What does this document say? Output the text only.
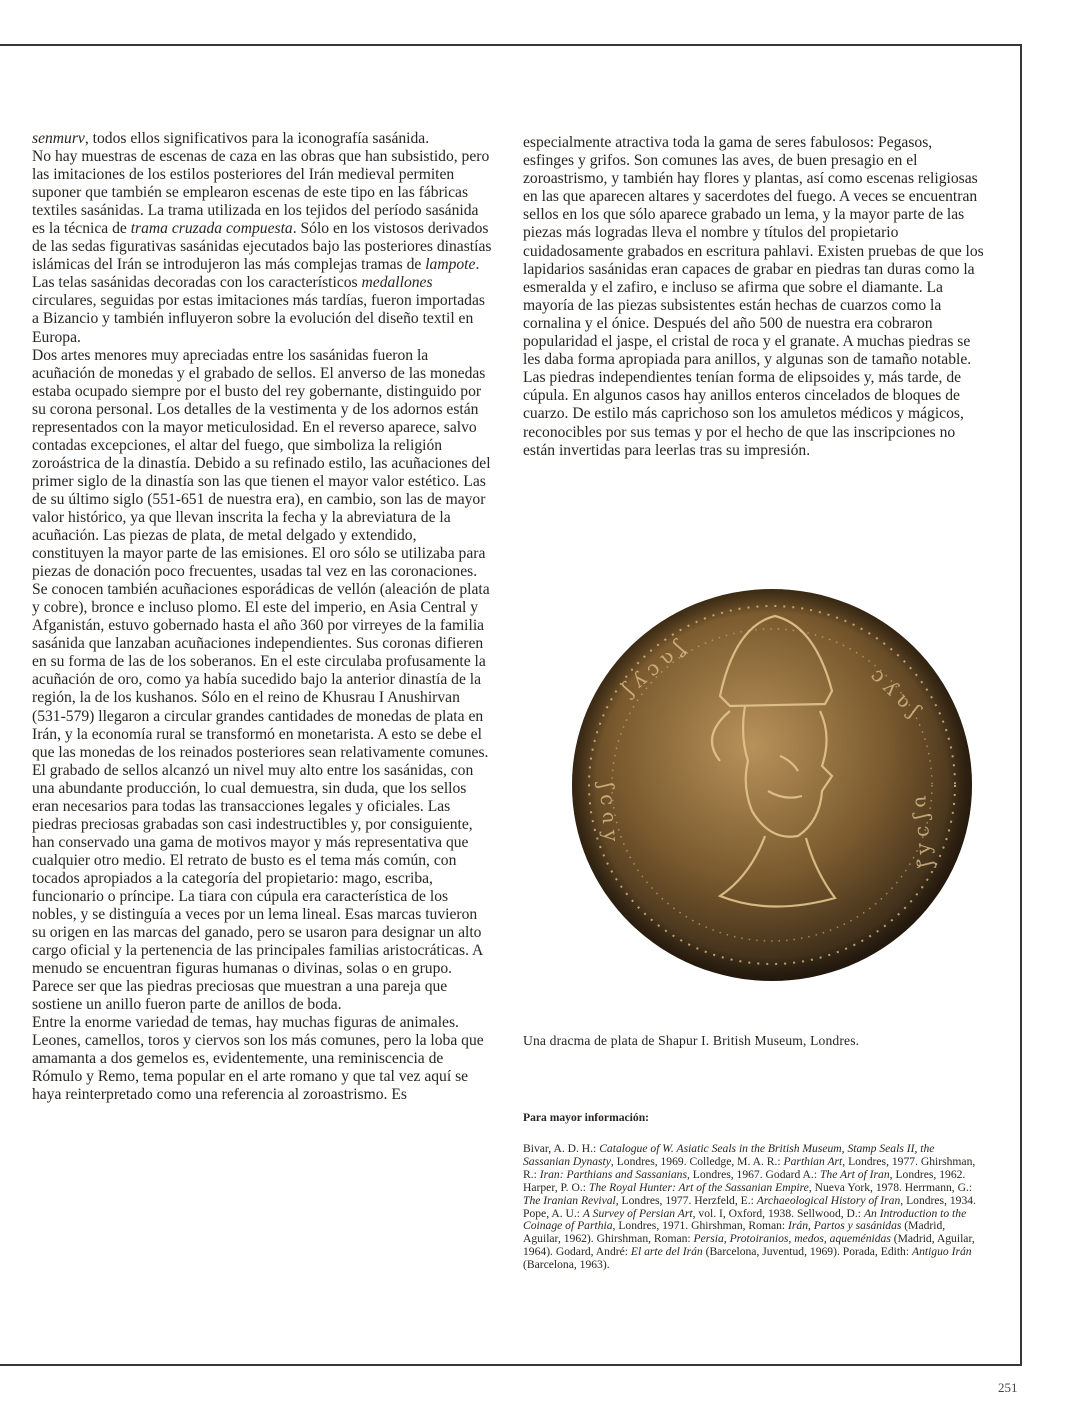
senmurv, todos ellos significativos para la iconografía sasánida.

No hay muestras de escenas de caza en las obras que han subsistido, pero las imitaciones de los estilos posteriores del Irán medieval permiten suponer que también se emplearon escenas de este tipo en las fábricas textiles sasánidas. La trama utilizada en los tejidos del período sasánida es la técnica de trama cruzada compuesta. Sólo en los vistosos derivados de las sedas figurativas sasánidas ejecutados bajo las posteriores dinastías islámicas del Irán se introdujeron las más complejas tramas de lampote. Las telas sasánidas decoradas con los característicos medallones circulares, seguidas por estas imitaciones más tardías, fueron importadas a Bizancio y también influyeron sobre la evolución del diseño textil en Europa.

Dos artes menores muy apreciadas entre los sasánidas fueron la acuñación de monedas y el grabado de sellos. El anverso de las monedas estaba ocupado siempre por el busto del rey gobernante, distinguido por su corona personal. Los detalles de la vestimenta y de los adornos están representados con la mayor meticulosidad. En el reverso aparece, salvo contadas excepciones, el altar del fuego, que simboliza la religión zoroástrica de la dinastía. Debido a su refinado estilo, las acuñaciones del primer siglo de la dinastía son las que tienen el mayor valor estético. Las de su último siglo (551-651 de nuestra era), en cambio, son las de mayor valor histórico, ya que llevan inscrita la fecha y la abreviatura de la acuñación. Las piezas de plata, de metal delgado y extendido, constituyen la mayor parte de las emisiones. El oro sólo se utilizaba para piezas de donación poco frecuentes, usadas tal vez en las coronaciones.

Se conocen también acuñaciones esporádicas de vellón (aleación de plata y cobre), bronce e incluso plomo. El este del imperio, en Asia Central y Afganistán, estuvo gobernado hasta el año 360 por virreyes de la familia sasánida que lanzaban acuñaciones independientes. Sus coronas difieren en su forma de las de los soberanos. En el este circulaba profusamente la acuñación de oro, como ya había sucedido bajo la anterior dinastía de la región, la de los kushanos. Sólo en el reino de Khusrau I Anushirvan (531-579) llegaron a circular grandes cantidades de monedas de plata en Irán, y la economía rural se transformó en monetarista. A esto se debe el que las monedas de los reinados posteriores sean relativamente comunes.

El grabado de sellos alcanzó un nivel muy alto entre los sasánidas, con una abundante producción, lo cual demuestra, sin duda, que los sellos eran necesarios para todas las transacciones legales y oficiales. Las piedras preciosas grabadas son casi indestructibles y, por consiguiente, han conservado una gama de motivos mayor y más representativa que cualquier otro medio. El retrato de busto es el tema más común, con tocados apropiados a la categoría del propietario: mago, escriba, funcionario o príncipe. La tiara con cúpula era característica de los nobles, y se distinguía a veces por un lema lineal. Esas marcas tuvieron su origen en las marcas del ganado, pero se usaron para designar un alto cargo oficial y la pertenencia de las principales familias aristocráticas. A menudo se encuentran figuras humanas o divinas, solas o en grupo. Parece ser que las piedras preciosas que muestran a una pareja que sostiene un anillo fueron parte de anillos de boda.

Entre la enorme variedad de temas, hay muchas figuras de animales. Leones, camellos, toros y ciervos son los más comunes, pero la loba que amamanta a dos gemelos es, evidentemente, una reminiscencia de Rómulo y Remo, tema popular en el arte romano y que tal vez aquí se haya reinterpretado como una referencia al zoroastrismo. Es

especialmente atractiva toda la gama de seres fabulosos: Pegasos, esfinges y grifos. Son comunes las aves, de buen presagio en el zoroastrismo, y también hay flores y plantas, así como escenas religiosas en las que aparecen altares y sacerdotes del fuego. A veces se encuentran sellos en los que sólo aparece grabado un lema, y la mayor parte de las piezas más logradas lleva el nombre y títulos del propietario cuidadosamente grabados en escritura pahlavi. Existen pruebas de que los lapidarios sasánidas eran capaces de grabar en piedras tan duras como la esmeralda y el zafiro, e incluso se afirma que sobre el diamante. La mayoría de las piezas subsistentes están hechas de cuarzos como la cornalina y el ónice. Después del año 500 de nuestra era cobraron popularidad el jaspe, el cristal de roca y el granate. A muchas piedras se les daba forma apropiada para anillos, y algunas son de tamaño notable. Las piedras independientes tenían forma de elipsoides y, más tarde, de cúpula. En algunos casos hay anillos enteros cincelados de bloques de cuarzo. De estilo más caprichoso son los amuletos médicos y mágicos, reconocibles por sus temas y por el hecho de que las inscripciones no están invertidas para leerlas tras su impresión.

ʃ ʎ ɔ ʋ ʆ	ɔ ʎ ʋ ʃ
ʋ ʃ ɔ ʎ ʆ
ʎ ʋ ɔ ʃ
Una dracma de plata de Shapur I. British Museum, Londres.
Para mayor información:
Bivar, A. D. H.: Catalogue of W. Asiatic Seals in the British Museum, Stamp Seals II, the Sassanian Dynasty, Londres, 1969. Colledge, M. A. R.: Parthian Art, Londres, 1977. Ghirshman, R.: Iran: Parthians and Sassanians, Londres, 1967. Godard A.: The Art of Iran, Londres, 1962. Harper, P. O.: The Royal Hunter: Art of the Sassanian Empire, Nueva York, 1978. Herrmann, G.: The Iranian Revival, Londres, 1977. Herzfeld, E.: Archaeological History of Iran, Londres, 1934. Pope, A. U.: A Survey of Persian Art, vol. I, Oxford, 1938. Sellwood, D.: An Introduction to the Coinage of Parthia, Londres, 1971. Ghirshman, Roman: Irán, Partos y sasánidas (Madrid, Aguilar, 1962). Ghirshman, Roman: Persia, Protoiranios, medos, aqueménidas (Madrid, Aguilar, 1964). Godard, André: El arte del Irán (Barcelona, Juventud, 1969). Porada, Edith: Antiguo Irán (Barcelona, 1963).
251
